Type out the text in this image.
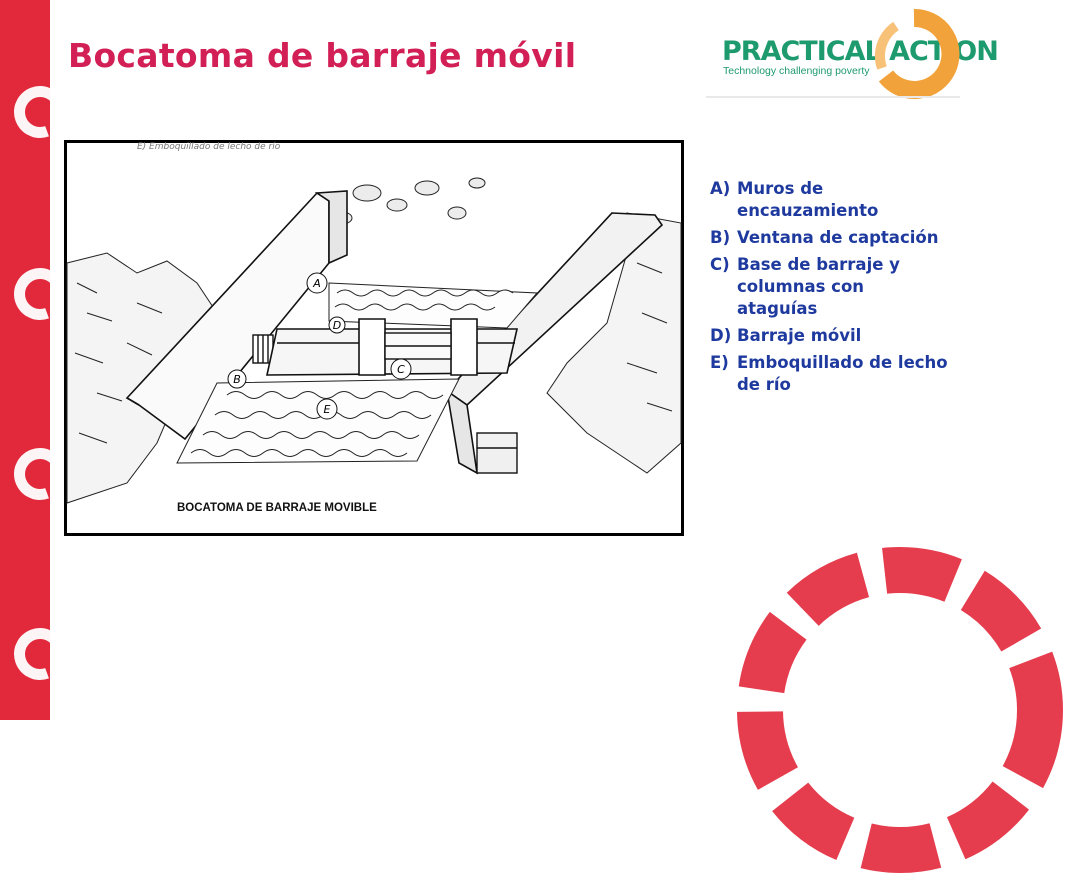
Bocatoma de barraje móvil	PRACTICAL ACTION
Technology challenging poverty
E) Emboquillado de lecho de río
A
B
C
D
E
BOCATOMA DE BARRAJE MOVIBLE
A) Muros de encauzamiento
B) Ventana de captación
C) Base de barraje y columnas con ataguías
D) Barraje móvil
E) Emboquillado de lecho de río
